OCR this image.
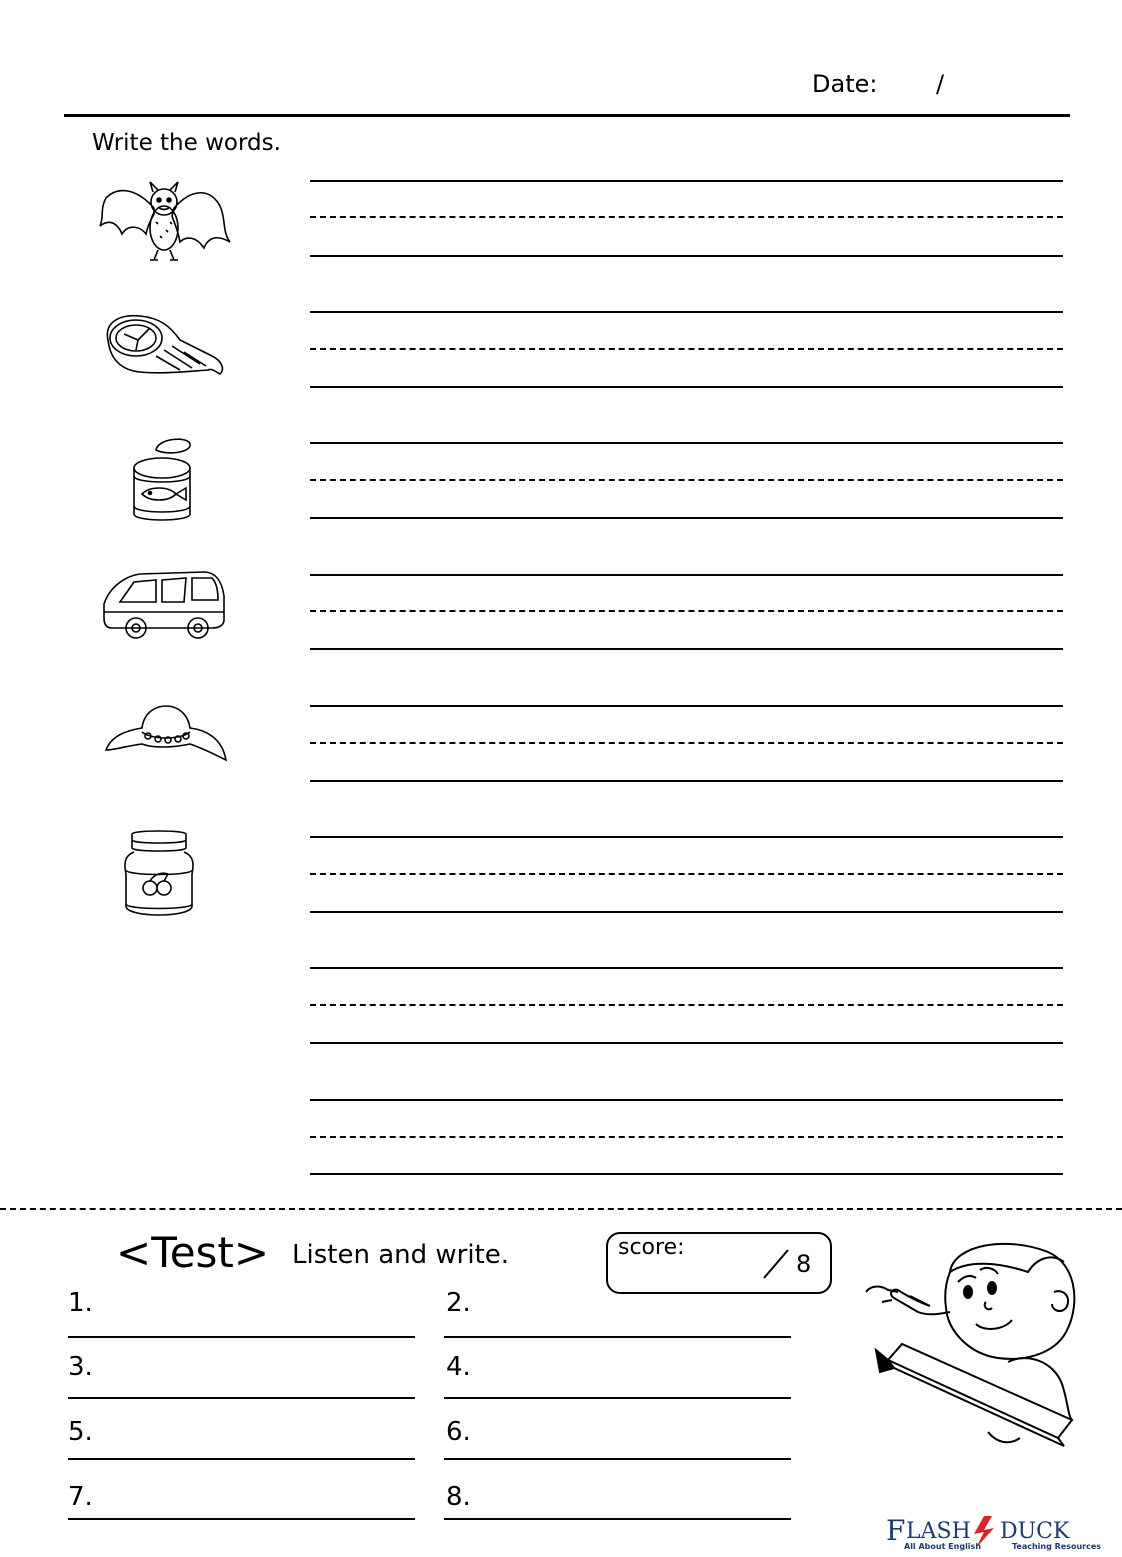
Date: /
Write the words.
<Test> Listen and write.	score:
8
1.	2.
3.	4.
5.	6.
7.	8.
F LASH DUCK
All About English	Teaching Resources
